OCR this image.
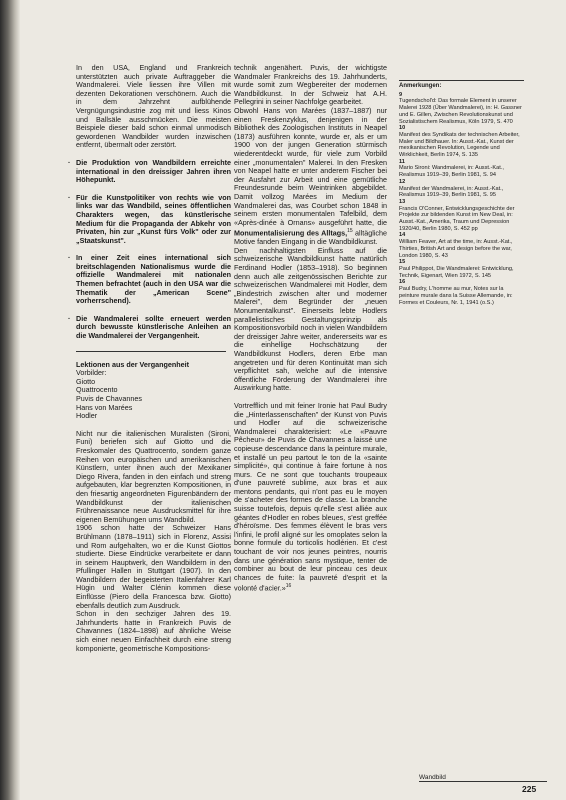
In den USA, England und Frankreich unterstützten auch private Auftraggeber die Wandmalerei. Viele liessen ihre Villen mit dezenten Dekorationen verschönern. Auch die in dem Jahrzehnt aufblühende Vergnügungsindustrie zog mit und liess Kinos und Ballsäle ausschmücken. Die meisten Beispiele dieser bald schon einmal unmodisch gewordenen Wandbilder wurden inzwischen entfernt, übermalt oder zerstört.

· Die Produktion von Wandbildern erreichte international in den dreissiger Jahren ihren Höhepunkt.

· Für die Kunstpolitiker von rechts wie von links war das Wandbild, seines öffentlichen Charakters wegen, das künstlerische Medium für die Propaganda der Abkehr von Privaten, hin zur „Kunst fürs Volk" oder zur „Staatskunst".

· In einer Zeit eines international sich breitschlagenden Nationalismus wurde die offizielle Wandmalerei mit nationalen Themen befrachtet (auch in den USA war die Thematik der „American Scene" vorherrschend).

· Die Wandmalerei sollte erneuert werden durch bewusste künstlerische Anleihen an die Wandmalerei der Vergangenheit.

Lektionen aus der Vergangenheit

Vorbilder:

Giotto

Quattrocento

Puvis de Chavannes

Hans von Marées

Hodler

Nicht nur die italienischen Muralisten (Sironi, Funi) beriefen sich auf Giotto und die Freskomaler des Quattrocento, sondern ganze Reihen von europäischen und amerikanischen Künstlern, unter ihnen auch der Mexikaner Diego Rivera, fanden in den einfach und streng aufgebauten, klar begrenzten Kompositionen, in den friesartig angeordneten Figurenbändern der Wandbildkunst der italienischen Frührenaissance neue Ausdrucksmittel für ihre eigenen Bemühungen ums Wandbild.

1906 schon hatte der Schweizer Hans Brühlmann (1878–1911) sich in Florenz, Assisi und Rom aufgehalten, wo er die Kunst Giottos studierte. Diese Eindrücke verarbeitete er dann in seinem Hauptwerk, den Wandbildern in den Pfullinger Hallen in Stuttgart (1907). In den Wandbildern der begeisterten Italienfahrer Karl Hügin und Walter Clénin kommen diese Einflüsse (Piero della Francesca bzw. Giotto) ebenfalls deutlich zum Ausdruck.

Schon in den sechziger Jahren des 19. Jahrhunderts hatte in Frankreich Puvis de Chavannes (1824–1898) auf ähnliche Weise sich einer neuen Einfachheit durch eine streng komponierte, geometrische Kompositions-

technik angenähert. Puvis, der wichtigste Wandmaler Frankreichs des 19. Jahrhunderts, wurde somit zum Wegbereiter der modernen Wandbildkunst. In der Schweiz hat A.H. Pellegrini in seiner Nachfolge gearbeitet.

Obwohl Hans von Marées (1837–1887) nur einen Freskenzyklus, denjenigen in der Bibliothek des Zoologischen Instituts in Neapel (1873) ausführen konnte, wurde er, als er um 1900 von der jungen Generation stürmisch wiederentdeckt wurde, für viele zum Vorbild einer „monumentalen" Malerei. In den Fresken von Neapel hatte er unter anderem Fischer bei der Ausfahrt zur Arbeit und eine gemütliche Freundesrunde beim Weintrinken abgebildet. Damit vollzog Marées im Medium der Wandmalerei das, was Courbet schon 1848 in seinem ersten monumentalen Tafelbild, dem «Après-dinée à Ornans» ausgeführt hatte, die Monumentalisierung des Alltags,$^{15}$ alltägliche Motive fanden Eingang in die Wandbildkunst.

Den nachhaltigsten Einfluss auf die schweizerische Wandbildkunst hatte natürlich Ferdinand Hodler (1853–1918). So beginnen denn auch alle zeitgenössischen Berichte zur schweizerischen Wandmalerei mit Hodler, dem „Bindestrich zwischen alter und moderner Malerei", dem Begründer der „neuen Monumentalkunst". Einerseits lebte Hodlers parallelistisches Gestaltungsprinzip als Kompositionsvorbild noch in vielen Wandbildern der dreissiger Jahre weiter, andererseits war es die einhellige Hochschätzung der Wandbildkunst Hodlers, deren Erbe man angetreten und für deren Kontinuität man sich verpflichtet sah, welche auf die intensive öffentliche Förderung der Wandmalerei ihre Auswirkung hatte.

Vortrefflich und mit feiner Ironie hat Paul Budry die „Hinterlassenschaften" der Kunst von Puvis und Hodler auf die schweizerische Wandmalerei charakterisiert: «Le «Pauvre Pêcheur» de Puvis de Chavannes a laissé une copieuse descendance dans la peinture murale, et installé un peu partout le ton de la «sainte simplicité», qui continue à faire fortune à nos murs. Ce ne sont que touchants troupeaux d'une pauvreté sublime, aux bras et aux mentons pendants, qui n'ont pas eu le moyen de s'acheter des formes de classe. La branche suisse toutefois, depuis qu'elle s'est alliée aux géantes d'Hodler en robes bleues, s'est greffée d'héroïsme. Des femmes élèvent le bras vers l'infini, le profil aligné sur les omoplates selon la bonne formule du torticolis hodlérien. Et c'est touchant de voir nos jeunes peintres, nourris dans une génération sans mystique, tenter de combiner au bout de leur pinceau ces deux chances de fuite: la pauvreté d'esprit et la volonté d'acier.»$^{16}$

Anmerkungen:
9
Tugendschol'd: Das formale Element in unserer Malerei 1928 (Über Wandmalerei), in: H. Gassner und E. Gillen, Zwischen Revolutionskunst und Sozialistischem Realismus, Köln 1979, S. 470
10
Manifest des Syndikats der technischen Arbeiter, Maler und Bildhauer. In: Ausst.-Kat., Kunst der mexikanischen Revolution, Legende und Wirklichkeit, Berlin 1974, S. 135
11
Mario Sironi: Wandmalerei, in: Ausst.-Kat., Realismus 1919–39, Berlin 1981, S. 94
12
Manifest der Wandmalerei, in: Ausst.-Kat., Realismus 1919–39, Berlin 1981, S. 95
13
Francis O'Conner, Entwicklungsgeschichte der Projekte zur bildenden Kunst im New Deal, in: Ausst.-Kat., Amerika, Traum und Depression 1920/40, Berlin 1980, S. 452 pp
14
William Feaver, Art at the time, in: Ausst.-Kat., Thirties, British Art and design before the war, London 1980, S. 43
15
Paul Philippot, Die Wandmalerei: Entwicklung, Technik, Eigenart, Wien 1972, S. 145
16
Paul Budry, L'homme au mur, Notes sur la peinture murale dans la Suisse Allemande, in: Formes et Couleurs, Nr. 1, 1941 (o.S.)
Wandbild
225
